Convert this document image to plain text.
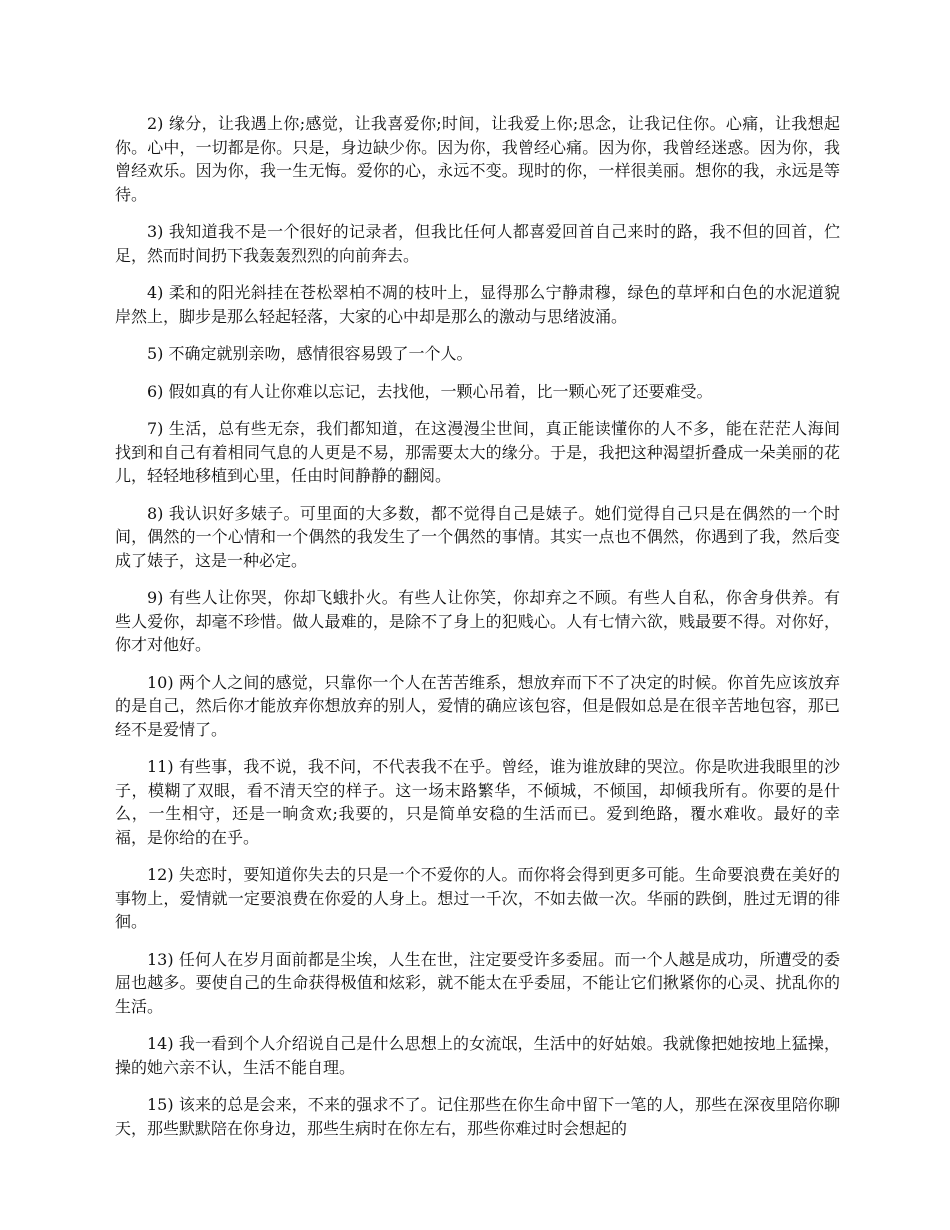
2) 缘分，让我遇上你;感觉，让我喜爱你;时间，让我爱上你;思念，让我记住你。心痛，让我想起你。心中，一切都是你。只是，身边缺少你。因为你，我曾经心痛。因为你，我曾经迷惑。因为你，我曾经欢乐。因为你，我一生无悔。爱你的心，永远不变。现时的你，一样很美丽。想你的我，永远是等待。

3) 我知道我不是一个很好的记录者，但我比任何人都喜爱回首自己来时的路，我不但的回首，伫足，然而时间扔下我轰轰烈烈的向前奔去。

4) 柔和的阳光斜挂在苍松翠柏不凋的枝叶上，显得那么宁静肃穆，绿色的草坪和白色的水泥道貌岸然上，脚步是那么轻起轻落，大家的心中却是那么的激动与思绪波涌。

5) 不确定就别亲吻，感情很容易毁了一个人。

6) 假如真的有人让你难以忘记，去找他，一颗心吊着，比一颗心死了还要难受。

7) 生活，总有些无奈，我们都知道，在这漫漫尘世间，真正能读懂你的人不多，能在茫茫人海间找到和自己有着相同气息的人更是不易，那需要太大的缘分。于是，我把这种渴望折叠成一朵美丽的花儿，轻轻地移植到心里，任由时间静静的翻阅。

8) 我认识好多婊子。可里面的大多数，都不觉得自己是婊子。她们觉得自己只是在偶然的一个时间，偶然的一个心情和一个偶然的我发生了一个偶然的事情。其实一点也不偶然，你遇到了我，然后变成了婊子，这是一种必定。

9) 有些人让你哭，你却飞蛾扑火。有些人让你笑，你却弃之不顾。有些人自私，你舍身供养。有些人爱你，却毫不珍惜。做人最难的，是除不了身上的犯贱心。人有七情六欲，贱最要不得。对你好，你才对他好。

10) 两个人之间的感觉，只靠你一个人在苦苦维系，想放弃而下不了决定的时候。你首先应该放弃的是自己，然后你才能放弃你想放弃的别人，爱情的确应该包容，但是假如总是在很辛苦地包容，那已经不是爱情了。

11) 有些事，我不说，我不问，不代表我不在乎。曾经，谁为谁放肆的哭泣。你是吹进我眼里的沙子，模糊了双眼，看不清天空的样子。这一场末路繁华，不倾城，不倾国，却倾我所有。你要的是什么，一生相守，还是一晌贪欢;我要的，只是简单安稳的生活而已。爱到绝路，覆水难收。最好的幸福，是你给的在乎。

12) 失恋时，要知道你失去的只是一个不爱你的人。而你将会得到更多可能。生命要浪费在美好的事物上，爱情就一定要浪费在你爱的人身上。想过一千次，不如去做一次。华丽的跌倒，胜过无谓的徘徊。

13) 任何人在岁月面前都是尘埃，人生在世，注定要受许多委屈。而一个人越是成功，所遭受的委屈也越多。要使自己的生命获得极值和炫彩，就不能太在乎委屈，不能让它们揪紧你的心灵、扰乱你的生活。

14) 我一看到个人介绍说自己是什么思想上的女流氓，生活中的好姑娘。我就像把她按地上猛操，操的她六亲不认，生活不能自理。

15) 该来的总是会来，不来的强求不了。记住那些在你生命中留下一笔的人，那些在深夜里陪你聊天，那些默默陪在你身边，那些生病时在你左右，那些你难过时会想起的
